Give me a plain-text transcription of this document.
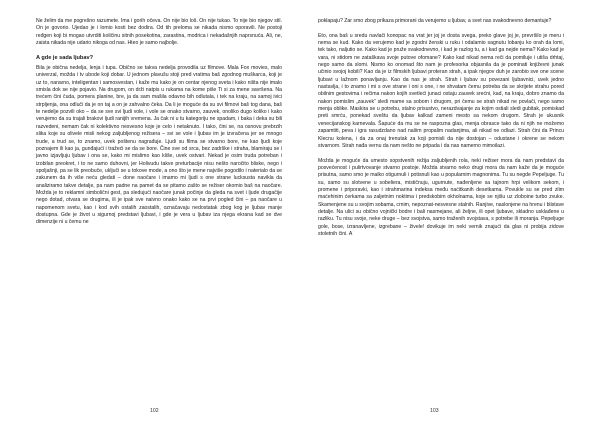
Ne želim da me pogrešno razumete. Ima i gorih očeva. On nije bio loš. On nije tukao. To nije bio njegov stil. On je govorio. Ujedao je i lomio kosti bez dodira. Od tih preloma se nikada nismo oporavili. Ne postoji ređgen koji bi mogao utvrditi količinu sitnih posekotina, zarastina, modrica i nekadašnjih naprsnuća. Ali, ne, zaista nikada nije udario nikoga od nas. Hteo je samo najbolje.

A gde je sada ljubav?

Bila je obična nedelja, lenja i tupa. Obično se takva nedelja provodila uz filmove. Mala Fox movies, malo univerzal, možda i tv ubode koji dobar. U jednom plavušu stoji pred vratima baš zgodnog muškarca, koji je uz to, naravno, inteligentan i samosvestan, i kaže mu kako je on centar njenog sveta i kako ništa nije imalo smisla dok se nije pojavio. Na drugom, on drži natpis u rukama na kome piše Ti si za mene savršena. Na trećem čini čuda, pomera planine, bre, ja da sam mašila odavno bih odlutala, i tek na kraju, na samoj ivici strpljenja, ona odluči da je on taj a on je zahvalno čeka. Da li je moguće da su svi filmovi baš tog dana, baš te nedelje pozvili oko – da se sve svi ljudi vole, i vole se onako stvarno, zauvek, onoliko dugo koliko i kako verujemo da su trajali brakovi ljudi ranijih vremena. Ja čak ni u tu kategoriju ne spadam, i baka i deka su bili razvedeni, nemam čak ni kolektivno nesvesno koje je celo i netaknuto. I tako, čini se, na osnovu prebrzih slika koje su olivele misli nekog zaljubljenog režisera – svi se vole i ljubav im je izvračena jer se mnogo trude, a trud se, to znamo, uvek poštenu nagrađuje. Ljudi su filma se stvarno bore, ne kao ljudi koje poznajem ili kao ja, gunđajući i tražeći se da se bore. Čine sve od srca, bez zadrške i straha, blamiraju se i javno izjavljuju ljubav i ona se, kako mi mislimo kao kliše, uvek ostvari. Nekad je osim truda potreban i izobilan preokret, i to ne samo duhovni, jer Holivudu takve preturbacije nisu nešto naročito bliske, nego i spoljašnji, pa se lik preobuče, uključi se u tokove mode, a ono što je mene najviše pogodilo i naterialo da se zakunem da ih više neću gledati – done naočare i imamo mi ljudi s one strane lucksusta navikla da analiziramo takve detalje, pa nam padne na pamet da se pitamo zašto se režiser okomio baš na naočare. Možda je to reklamni simbolični gest, pa sledujući naočare junak počinje da gleda na svet i ljude drugačije nego dotad, otvara se drugima, ili je ipak sve naivno onako kako se na prvi pogled čini – pa naočare u napomenom svetu, kao i kod svih ostalih zaostalih, označavaju nedostatak zbog kog je ljubav manje dostupna. Gde je život u sigurnoj predstavi ljubavi, i gde je vera u ljubav iza njega ekrana kad se dve dimenzije ni u čemu ne

102

poklapaju? Zar smo zbog prikaza primorani da verujemo u ljubav, a svet nas svakodnevno demantuje?

Eto, ona baš u sredu navlači konopac na vrat jer joj je dosta svega, preko glave joj je, prevršilo je meru i nema se kud. Kako da verujemo kad je zgodni ženski u ruku i odalamio sagnutu lobanju ko orah da lomi, tek tako, naljutio se. Kako kad je pruže svakodnevno, i kad je razlog tu, a i kad ga nejde nema? Kako kad je vara, ni stidom ne zataškava svoje putove ofomane? Kako kad nikad nema reči da pomiluje i utiša drhtaj, nego samo da slomi. Nismo ko onomad što nam je profesorka objasnila da je pominati književni junak učinio svojoj kobili? Kao da je iz filmskih ljubavi proteran strah, a ipak njegov duh je zarobio sve one scene ljubavi u lažnom ponavljanju. Kao da nas je strah. Strah i ljubav su povezani ljubavnici, uvek jedno nastavlja, i to znamo i mi s ove strane i oni s one, i ne shvatam čemu potreba da se skrijete strahu pored obilnim gestovima i rečima nakon kojih svetleći junaci ostaju zauvek srećni, kad, na kraju, dobro znamo da nakon pomislim „zauvek“ sledi mame sa sobom i drugom, pri čemu se strah nikad ne povlači, nego samo menja oblike. Maskira se u potrebu, stalno prisustvo, nerazdvajanje za kojim ostiali sledi gubitak, pomiskad preti smrću, ponekad sveštu da ljubav kalkad zameni mesto sa nekom drugom. Strah je ukusnik venecijanskog karnevala. Šapuće da mu se ne raspozna glas, menja obrasce tako da ni njih ne možemo zapamtiti, peva i igra rasudzdano nad našim propalim nadanjima, ali nikad ne odlazi. Strah čini da Princu Klecnu kolena, i da za onaj trenutak za koji pomisli da nije dostojan – odustane i okrene se nekom stvarnom. Strah nađa vernu da nam nešto ne pripada i da nas namerno mimoilazi.

Možda je moguće da umesto sopstvenih režija zaljubljenih rola, neki režiser mora da nam predstavi da posvećenost i pulirtvovanje stvarno postoje. Možda stvarno neko drugi mora da nam kaže da je moguće prisutna, samo smo je malko otigurnuli i potisnuli kao u popularnim magnonima. Tu su negde Pepeljuge. Tu su, samo su slotvene u sobeliera, mističnuju, ugurnute, nađenljene sa tajnom hrpi velikom sekom, i promene i priporavki, kao i strahmarina indeksa među naćitkanih desetkama. Povukle su se pred zlim maćehinim ćerkama sa zaljetnim noktima i predskobim okholnama, koje se njišu uz zloboine turbo zvuke. Skamenjene su u svojim sobama, crnim, nepoznat-nesvesne stalnih. Ranjive, naslonjene na hrenu i blistave detalje. Na ulici su obično vojnički bodre i bali nasmejane, ali željne, ili opet ljubave, skladno usklađene u razliku. Tu nisu svoje, neke druge – bez svojstva, samo traženih svojstava, s potrebe ili moranja. Pepeljuge gole, bose, izranavljene, izgrebane – živele! dovikuje im neki vernik znajući da glas ni probija zidove stoletnih čini. A

103
